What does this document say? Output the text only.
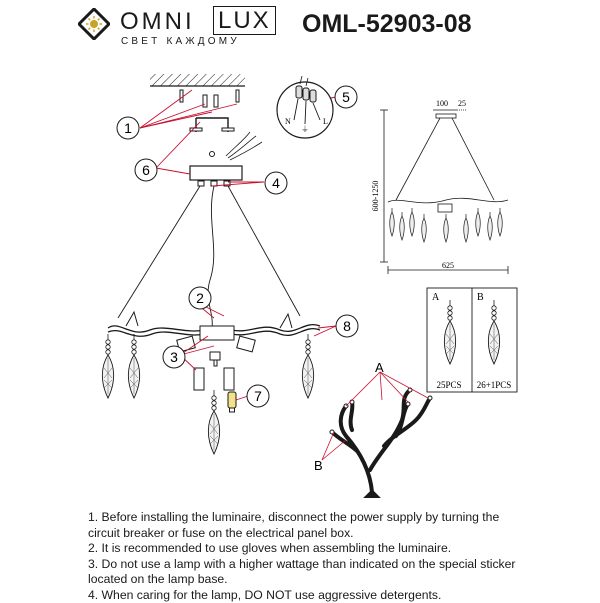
OMNI LUX
СВЕТ КАЖДОМУ
OML-52903-08
1
6
4
5
2
3
7
8
N
⏚
L
100 25
600-1250
625
A	B
25PCS 26+1PCS
A
B

1. Before installing the luminaire, disconnect the power supply by turning the circuit breaker or fuse on the electrical panel box.

2. It is recommended to use gloves when assembling the luminaire.

3. Do not use a lamp with a higher wattage than indicated on the special sticker located on the lamp base.

4. When caring for the lamp, DO NOT use aggressive detergents.
